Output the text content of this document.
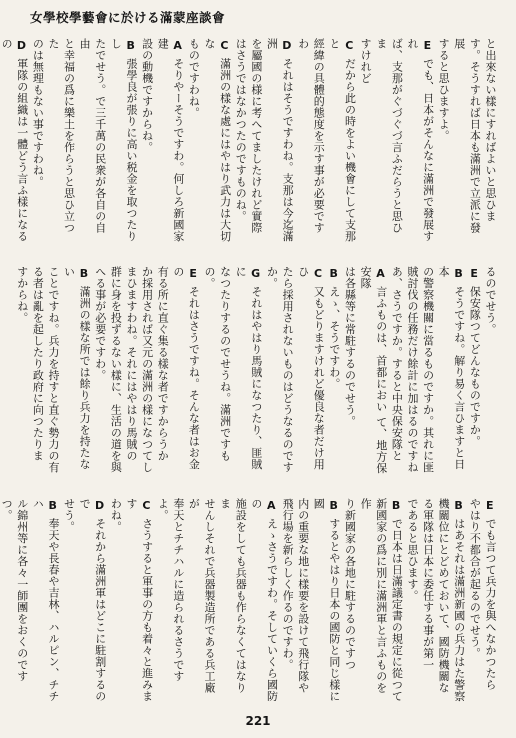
女學校學藝會に於ける滿蒙座談會
と出來ない樣にすればよいと思ひま
す。そうすれば日本も滿洲で立派に發展
すると思ひますよ。
Eでも、日本がそんなに滿洲で發展すれ
ば、支那がぐづぐづ言ふだらうと思ひま
すけれど
Cだから此の時をよい機會にして支那と
經緯の具體的態度を示す事が必要ですわ
Dそれはそうですわね。支那は今迄滿洲
を屬國の様に考へてましたけれど實際
はさうではなかつたのですものね。
C滿洲の樣な處にはやはり武力は大切な
ものですわね。
Aそりやーそうですわ。何しろ新國家建
設の動機ですからね。
B張學良が張りに高い税金を取つたりし
たでせう。で三千萬の民衆が各自の自由
と幸福の爲に樂土を作らうと思ひ立つた
のは無理もない事ですわね。
D軍隊の組織は一體どう言ふ樣になるの
るのでせう。
E保安隊つてどんなものですか。
Bそうですね。解り易く言ひますと日本
の警察機關に當るものですか。其れに匪
賊討伐の任務だけ餘計に加はるのですね
あ、さうですか。すると中央保安隊と
A言ふものは、首都におい て、地方保安隊
は各縣等に常駐するのでせう。
Bえゝ、そうですわ。
C又もどりますけれど優良な者だけ用ひ
たら採用されないものはどうなるのです
か。
Gそれはやはり馬賊になつたり、匪賊に
なつたりするのでせうね。滿洲ですもの。
Eそれはさうですね。そんな者はお金の
有る所に直ぐ集る樣な者ですからうか
か採用されば又元の滿洲の樣になつてし
まひますわね。それにはやはり馬賊の
群に身を投ずるない樣に、生活の道を與
へる事が必要ですわ。
B滿洲の樣な所では餘り兵力を持たない
ことですね。兵力を持すと直ぐ勢力の有
る者は亂を起したり政府に向つたりま
すからね。
Eでも言つて兵力を與へなかつたら
やはり不都合が起るのでせう。
Bはあそれは滿洲新國の兵力はた警察
機關位にとどめておいて、國防機關な
る軍隊は日本に委任する事が第一
であると思ひます。
Bで日本は日滿議定書の規定に從つて
新國家の爲に別に滿洲軍と言ふものを作
り新國家の各地に駐するのですつ
Bするとやはり日本の國防と同じ樣に國
内の重要な地に樣要を設けて飛行隊や
飛行場を新らしく作るのですわ。
Aえゝさうですわ。そしていくら國防の
施設をしても兵器も作らなくてはなりま
せんしそれで兵器製造所である兵工廠が
奉天とチチハルに造られるさうですよ。
Cさうすると軍事の方も着々と進みます
わね。
Dそれから滿洲軍はどこに駐割するので
せう。
B奉天や長春や吉林、ハルピン、チチハ
ル錦州等に各々一師團をおくのですつ。
221
